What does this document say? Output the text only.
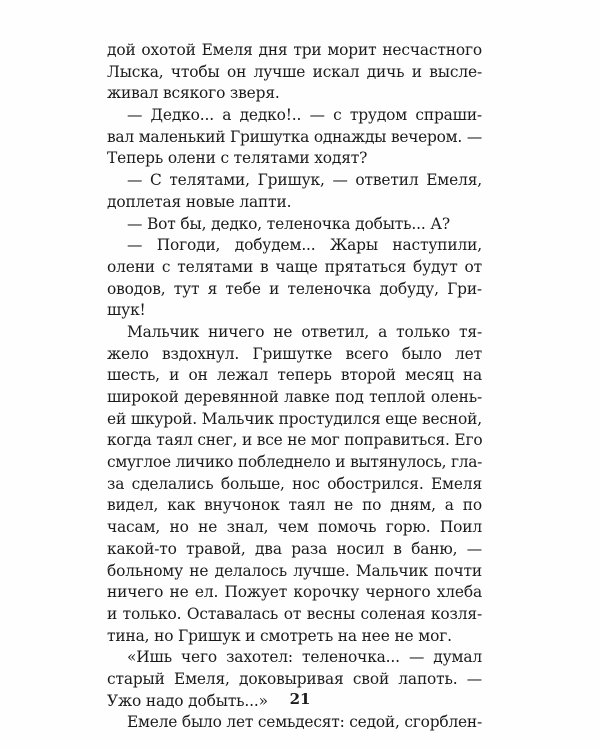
дой охотой Емеля дня три морит несчастного
Лыска, чтобы он лучше искал дичь и высле-
живал всякого зверя.
— Дедко... а дедко!.. — с трудом спраши-
вал маленький Гришутка однажды вечером. —
Теперь олени с телятами ходят?
— С телятами, Гришук, — ответил Емеля,
доплетая новые лапти.
— Вот бы, дедко, теленочка добыть... А?
— Погоди, добудем... Жары наступили,
олени с телятами в чаще прятаться будут от
оводов, тут я тебе и теленочка добуду, Гри-
шук!
Мальчик ничего не ответил, а только тя-
жело вздохнул. Гришутке всего было лет
шесть, и он лежал теперь второй месяц на
широкой деревянной лавке под теплой олень-
ей шкурой. Мальчик простудился еще весной,
когда таял снег, и все не мог поправиться. Его
смуглое личико побледнело и вытянулось, гла-
за сделались больше, нос обострился. Емеля
видел, как внучонок таял не по дням, а по
часам, но не знал, чем помочь горю. Поил
какой-то травой, два раза носил в баню, —
больному не делалось лучше. Мальчик почти
ничего не ел. Пожует корочку черного хлеба
и только. Оставалась от весны соленая козля-
тина, но Гришук и смотреть на нее не мог.
«Ишь чего захотел: теленочка... — думал
старый Емеля, доковыривая свой лапоть. —
Ужо надо добыть...»
Емеле было лет семьдесят: седой, сгорблен-
21
